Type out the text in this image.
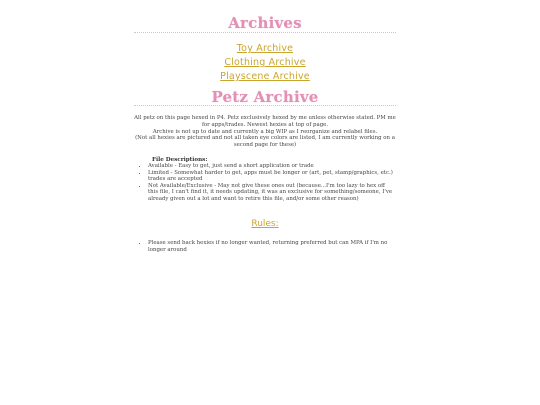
Archives
Toy Archive
Clothing Archive
Playscene Archive
Petz Archive
All petz on this page hexed in P4. Petz exclusively hexed by me unless otherwise stated. PM me for apps/trades. Newest hexies at top of page.
Archive is not up to date and currently a big WIP as I reorganize and relabel files.
(Not all hexies are pictured and not all taken eye colors are listed, I am currently working on a second page for these)
File Descriptions:
• Available - Easy to get, just send a short application or trade
• Limited - Somewhat harder to get, apps must be longer or (art, pet, stamp/graphics, etc.) trades are accepted
• Not Available/Exclusive - May not give these ones out (because...I'm too lazy to hex off this file, I can't find it, it needs updating, it was an exclusive for something/someone, I've already given out a lot and want to retire this file, and/or some other reason)
Rules:
• Please send back hexies if no longer wanted, returning preferred but can MPA if I'm no longer around
